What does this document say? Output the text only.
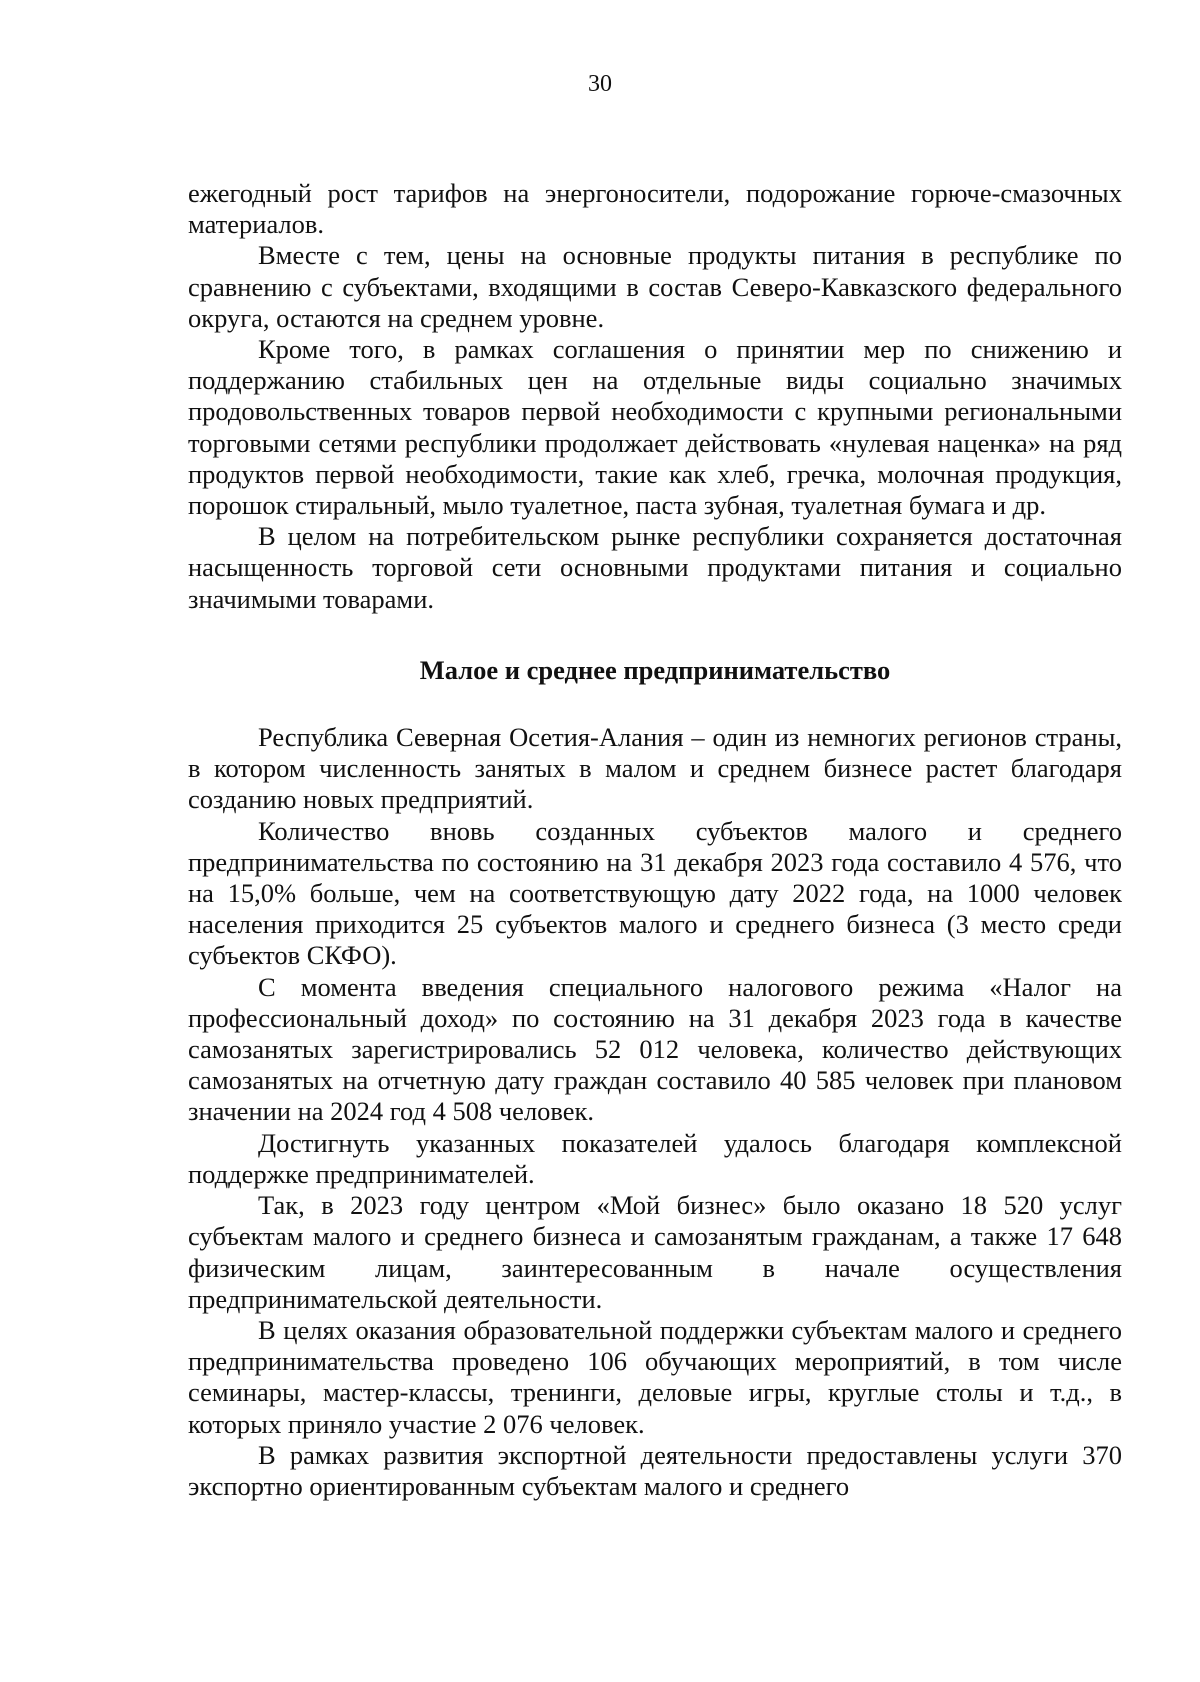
30

ежегодный рост тарифов на энергоносители, подорожание горюче-смазочных материалов.

Вместе с тем, цены на основные продукты питания в республике по сравнению с субъектами, входящими в состав Северо-Кавказского федерального округа, остаются на среднем уровне.

Кроме того, в рамках соглашения о принятии мер по снижению и поддержанию стабильных цен на отдельные виды социально значимых продовольственных товаров первой необходимости с крупными региональными торговыми сетями республики продолжает действовать «нулевая наценка» на ряд продуктов первой необходимости, такие как хлеб, гречка, молочная продукция, порошок стиральный, мыло туалетное, паста зубная, туалетная бумага и др.

В целом на потребительском рынке республики сохраняется достаточная насыщенность торговой сети основными продуктами питания и социально значимыми товарами.

Малое и среднее предпринимательство

Республика Северная Осетия-Алания – один из немногих регионов страны, в котором численность занятых в малом и среднем бизнесе растет благодаря созданию новых предприятий.

Количество вновь созданных субъектов малого и среднего предпринимательства по состоянию на 31 декабря 2023 года составило 4 576, что на 15,0% больше, чем на соответствующую дату 2022 года, на 1000 человек населения приходится 25 субъектов малого и среднего бизнеса (3 место среди субъектов СКФО).

С момента введения специального налогового режима «Налог на профессиональный доход» по состоянию на 31 декабря 2023 года в качестве самозанятых зарегистрировались 52 012 человека, количество действующих самозанятых на отчетную дату граждан составило 40 585 человек при плановом значении на 2024 год 4 508 человек.

Достигнуть указанных показателей удалось благодаря комплексной поддержке предпринимателей.

Так, в 2023 году центром «Мой бизнес» было оказано 18 520 услуг субъектам малого и среднего бизнеса и самозанятым гражданам, а также 17 648 физическим лицам, заинтересованным в начале осуществления предпринимательской деятельности.

В целях оказания образовательной поддержки субъектам малого и среднего предпринимательства проведено 106 обучающих мероприятий, в том числе семинары, мастер-классы, тренинги, деловые игры, круглые столы и т.д., в которых приняло участие 2 076 человек.

В рамках развития экспортной деятельности предоставлены услуги 370 экспортно ориентированным субъектам малого и среднего
